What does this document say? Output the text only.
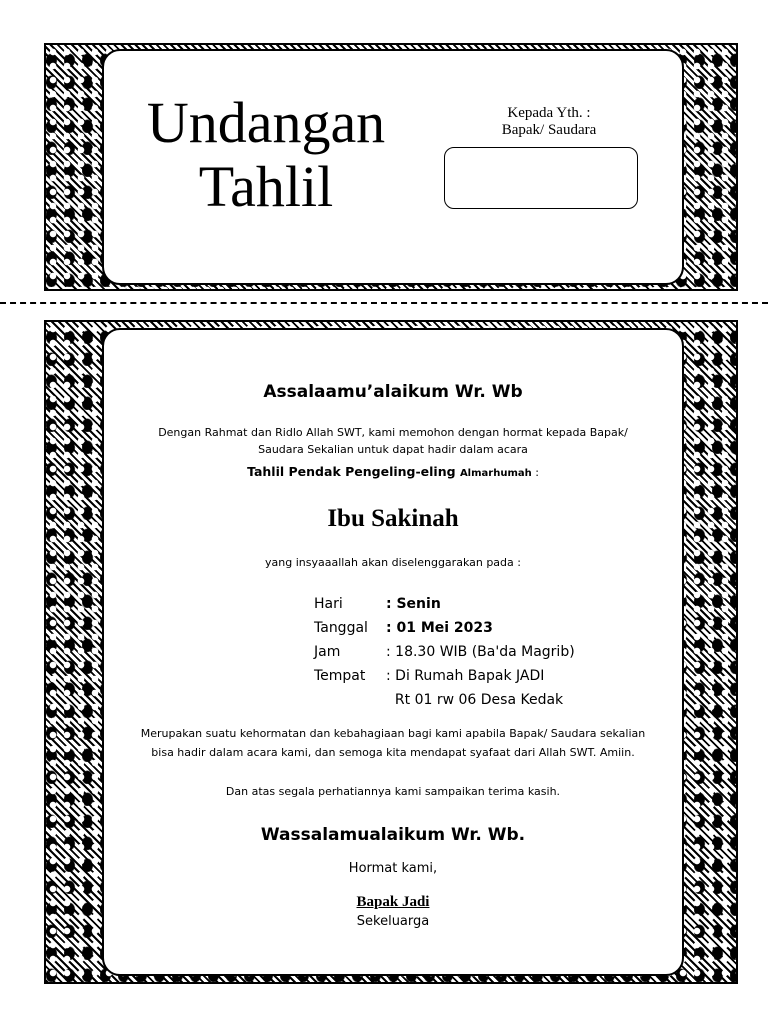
Undangan
Tahlil
Kepada Yth. :
Bapak/ Saudara
Assalaamu’alaikum Wr. Wb
Dengan Rahmat dan Ridlo Allah SWT, kami memohon dengan hormat kepada Bapak/
Saudara Sekalian untuk dapat hadir dalam acara
Tahlil Pendak Pengeling-eling Almarhumah :
Ibu Sakinah
yang insyaaallah akan diselenggarakan pada :
Hari	: Senin
Tanggal : 01 Mei 2023
Jam	: 18.30 WIB (Ba'da Magrib)
Tempat : Di Rumah Bapak JADI
Rt 01 rw 06 Desa Kedak
Merupakan suatu kehormatan dan kebahagiaan bagi kami apabila Bapak/ Saudara sekalian
bisa hadir dalam acara kami, dan semoga kita mendapat syafaat dari Allah SWT. Amiin.
Dan atas segala perhatiannya kami sampaikan terima kasih.
Wassalamualaikum Wr. Wb.
Hormat kami,
Bapak Jadi
Sekeluarga
